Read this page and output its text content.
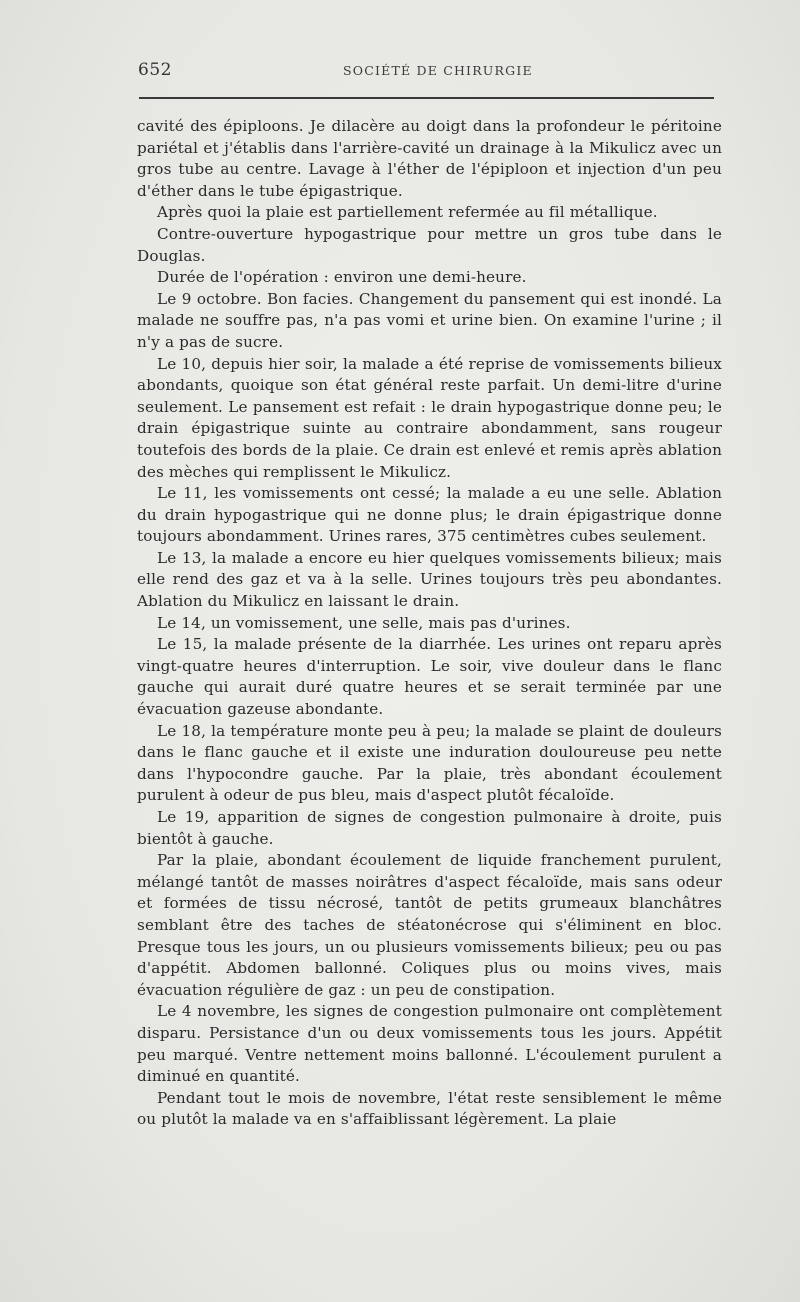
652	SOCIÉTÉ DE CHIRURGIE

cavité des épiploons. Je dilacère au doigt dans la profondeur le péritoine pariétal et j'établis dans l'arrière-cavité un drainage à la Mikulicz avec un gros tube au centre. Lavage à l'éther de l'épiploon et injection d'un peu d'éther dans le tube épigastrique.

Après quoi la plaie est partiellement refermée au fil métallique.

Contre-ouverture hypogastrique pour mettre un gros tube dans le Douglas.

Durée de l'opération : environ une demi-heure.

Le 9 octobre. Bon facies. Changement du pansement qui est inondé. La malade ne souffre pas, n'a pas vomi et urine bien. On examine l'urine ; il n'y a pas de sucre.

Le 10, depuis hier soir, la malade a été reprise de vomissements bilieux abondants, quoique son état général reste parfait. Un demi-litre d'urine seulement. Le pansement est refait : le drain hypogastrique donne peu; le drain épigastrique suinte au contraire abondamment, sans rougeur toutefois des bords de la plaie. Ce drain est enlevé et remis après ablation des mèches qui remplissent le Mikulicz.

Le 11, les vomissements ont cessé; la malade a eu une selle. Ablation du drain hypogastrique qui ne donne plus; le drain épigastrique donne toujours abondamment. Urines rares, 375 centimètres cubes seulement.

Le 13, la malade a encore eu hier quelques vomissements bilieux; mais elle rend des gaz et va à la selle. Urines toujours très peu abondantes. Ablation du Mikulicz en laissant le drain.

Le 14, un vomissement, une selle, mais pas d'urines.

Le 15, la malade présente de la diarrhée. Les urines ont reparu après vingt-quatre heures d'interruption. Le soir, vive douleur dans le flanc gauche qui aurait duré quatre heures et se serait terminée par une évacuation gazeuse abondante.

Le 18, la température monte peu à peu; la malade se plaint de douleurs dans le flanc gauche et il existe une induration douloureuse peu nette dans l'hypocondre gauche. Par la plaie, très abondant écoulement purulent à odeur de pus bleu, mais d'aspect plutôt fécaloïde.

Le 19, apparition de signes de congestion pulmonaire à droite, puis bientôt à gauche.

Par la plaie, abondant écoulement de liquide franchement purulent, mélangé tantôt de masses noirâtres d'aspect fécaloïde, mais sans odeur et formées de tissu nécrosé, tantôt de petits grumeaux blanchâtres semblant être des taches de stéatonécrose qui s'éliminent en bloc. Presque tous les jours, un ou plusieurs vomissements bilieux; peu ou pas d'appétit. Abdomen ballonné. Coliques plus ou moins vives, mais évacuation régulière de gaz : un peu de constipation.

Le 4 novembre, les signes de congestion pulmonaire ont complètement disparu. Persistance d'un ou deux vomissements tous les jours. Appétit peu marqué. Ventre nettement moins ballonné. L'écoulement purulent a diminué en quantité.

Pendant tout le mois de novembre, l'état reste sensiblement le même ou plutôt la malade va en s'affaiblissant légèrement. La plaie
